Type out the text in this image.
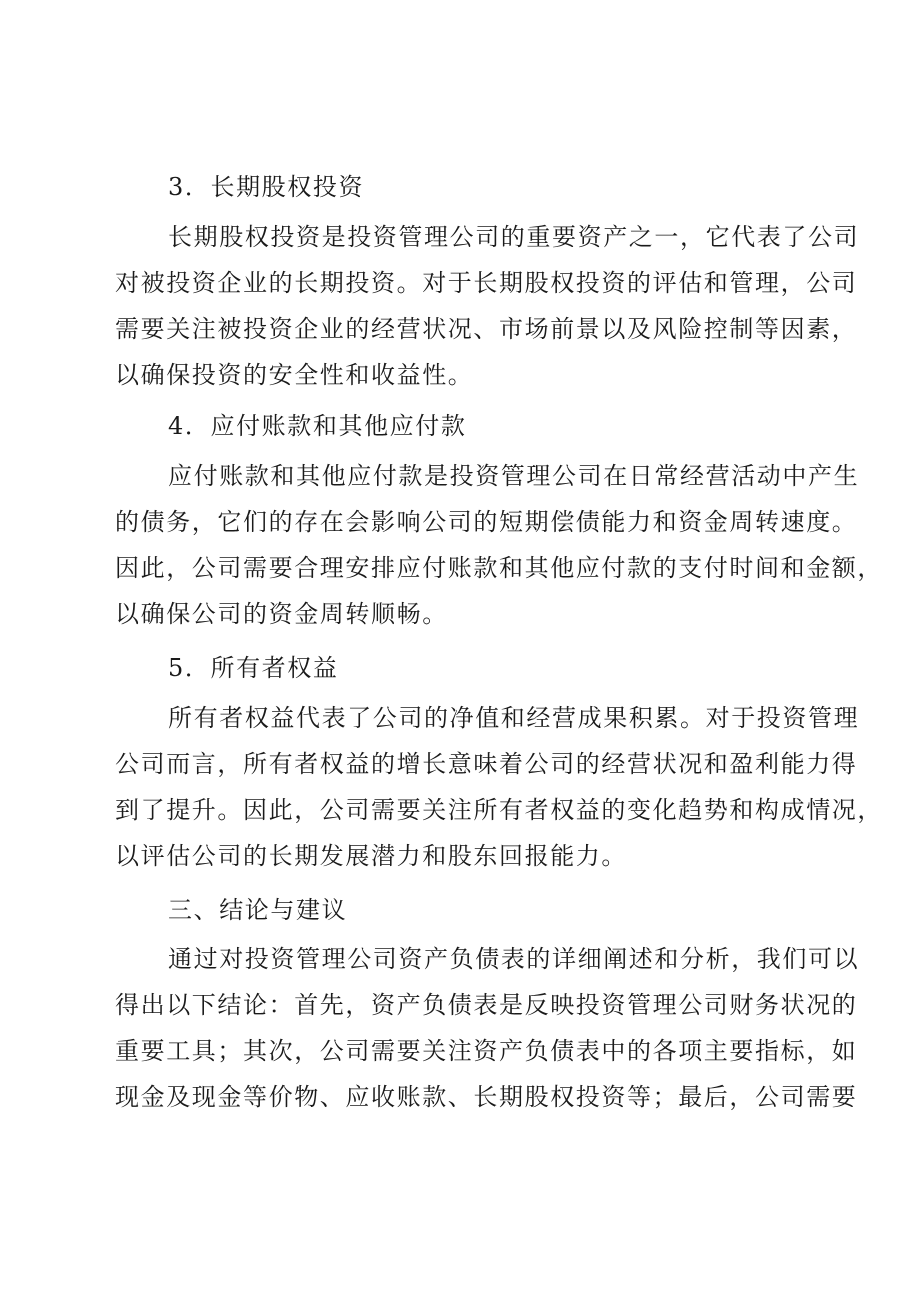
3．长期股权投资
长期股权投资是投资管理公司的重要资产之一，它代表了公司
对被投资企业的长期投资。对于长期股权投资的评估和管理，公司
需要关注被投资企业的经营状况、市场前景以及风险控制等因素，
以确保投资的安全性和收益性。
4．应付账款和其他应付款
应付账款和其他应付款是投资管理公司在日常经营活动中产生
的债务，它们的存在会影响公司的短期偿债能力和资金周转速度。
因此，公司需要合理安排应付账款和其他应付款的支付时间和金额，
以确保公司的资金周转顺畅。
5．所有者权益
所有者权益代表了公司的净值和经营成果积累。对于投资管理
公司而言，所有者权益的增长意味着公司的经营状况和盈利能力得
到了提升。因此，公司需要关注所有者权益的变化趋势和构成情况，
以评估公司的长期发展潜力和股东回报能力。
三、结论与建议
通过对投资管理公司资产负债表的详细阐述和分析，我们可以
得出以下结论：首先，资产负债表是反映投资管理公司财务状况的
重要工具；其次，公司需要关注资产负债表中的各项主要指标，如
现金及现金等价物、应收账款、长期股权投资等；最后，公司需要
